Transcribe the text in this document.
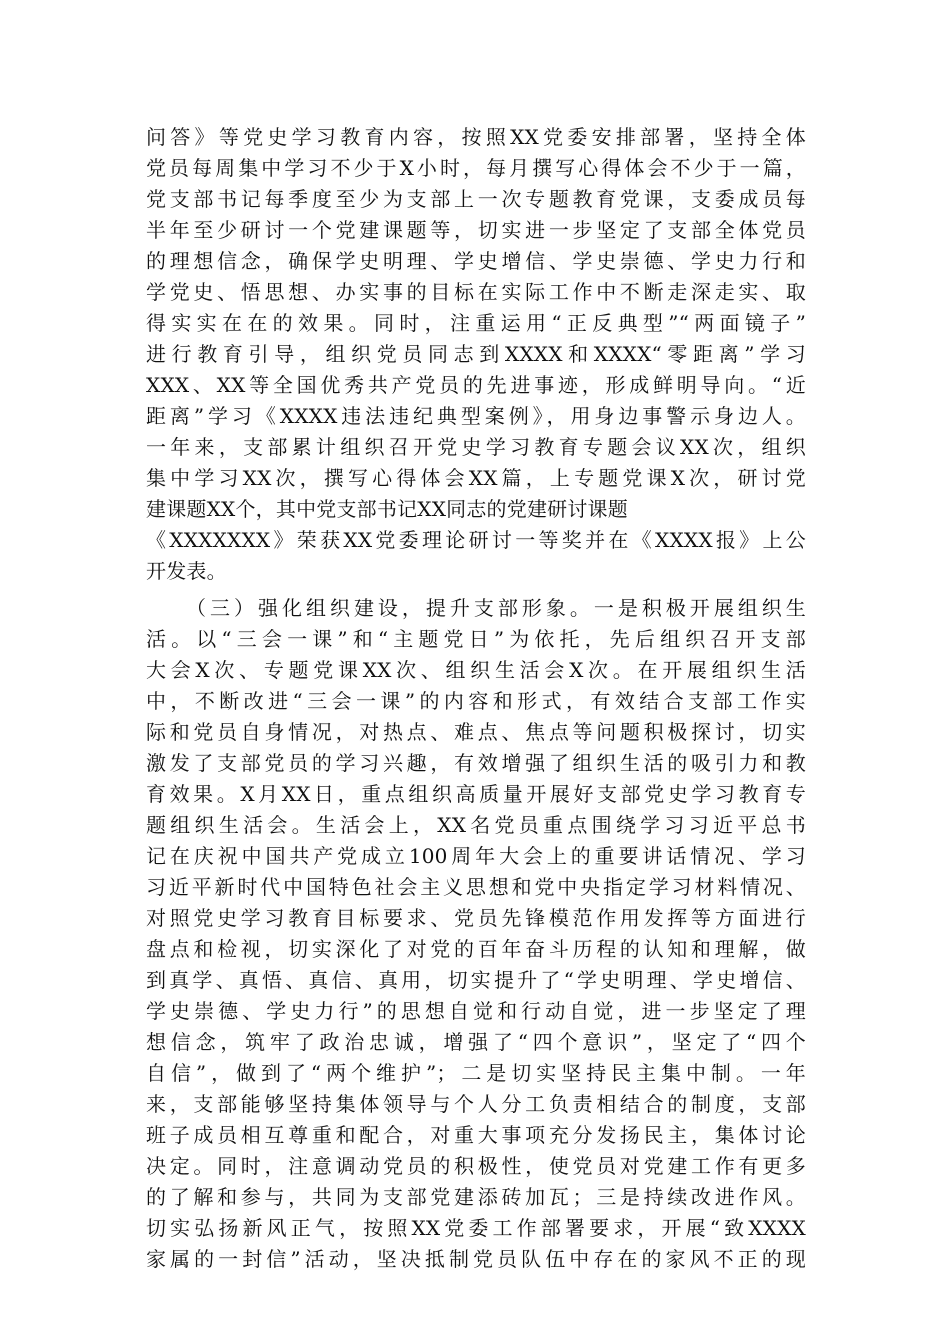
问答》等党史学习教育内容，按照XX党委安排部署，坚持全体
党员每周集中学习不少于X小时，每月撰写心得体会不少于一篇，
党支部书记每季度至少为支部上一次专题教育党课，支委成员每
半年至少研讨一个党建课题等，切实进一步坚定了支部全体党员
的理想信念，确保学史明理、学史增信、学史崇德、学史力行和
学党史、悟思想、办实事的目标在实际工作中不断走深走实、取
得实实在在的效果。同时，注重运用“正反典型”“两面镜子”
进行教育引导，组织党员同志到XXXX和XXXX“零距离”学习
XXX、XX等全国优秀共产党员的先进事迹，形成鲜明导向。“近
距离”学习《XXXX违法违纪典型案例》，用身边事警示身边人。
一年来，支部累计组织召开党史学习教育专题会议XX次，组织
集中学习XX次，撰写心得体会XX篇，上专题党课X次，研讨党
建课题XX个，其中党支部书记XX同志的党建研讨课题
《XXXXXXX》荣获XX党委理论研讨一等奖并在《XXXX报》上公
开发表。
（三）强化组织建设，提升支部形象。一是积极开展组织生
活。以“三会一课”和“主题党日”为依托，先后组织召开支部
大会X次、专题党课XX次、组织生活会X次。在开展组织生活
中，不断改进“三会一课”的内容和形式，有效结合支部工作实
际和党员自身情况，对热点、难点、焦点等问题积极探讨，切实
激发了支部党员的学习兴趣，有效增强了组织生活的吸引力和教
育效果。X月XX日，重点组织高质量开展好支部党史学习教育专
题组织生活会。生活会上，XX名党员重点围绕学习习近平总书
记在庆祝中国共产党成立100周年大会上的重要讲话情况、学习
习近平新时代中国特色社会主义思想和党中央指定学习材料情况、
对照党史学习教育目标要求、党员先锋模范作用发挥等方面进行
盘点和检视，切实深化了对党的百年奋斗历程的认知和理解，做
到真学、真悟、真信、真用，切实提升了“学史明理、学史增信、
学史崇德、学史力行”的思想自觉和行动自觉，进一步坚定了理
想信念，筑牢了政治忠诚，增强了“四个意识”，坚定了“四个
自信”，做到了“两个维护”；二是切实坚持民主集中制。一年
来，支部能够坚持集体领导与个人分工负责相结合的制度，支部
班子成员相互尊重和配合，对重大事项充分发扬民主，集体讨论
决定。同时，注意调动党员的积极性，使党员对党建工作有更多
的了解和参与，共同为支部党建添砖加瓦；三是持续改进作风。
切实弘扬新风正气，按照XX党委工作部署要求，开展“致XXXX
家属的一封信”活动，坚决抵制党员队伍中存在的家风不正的现
